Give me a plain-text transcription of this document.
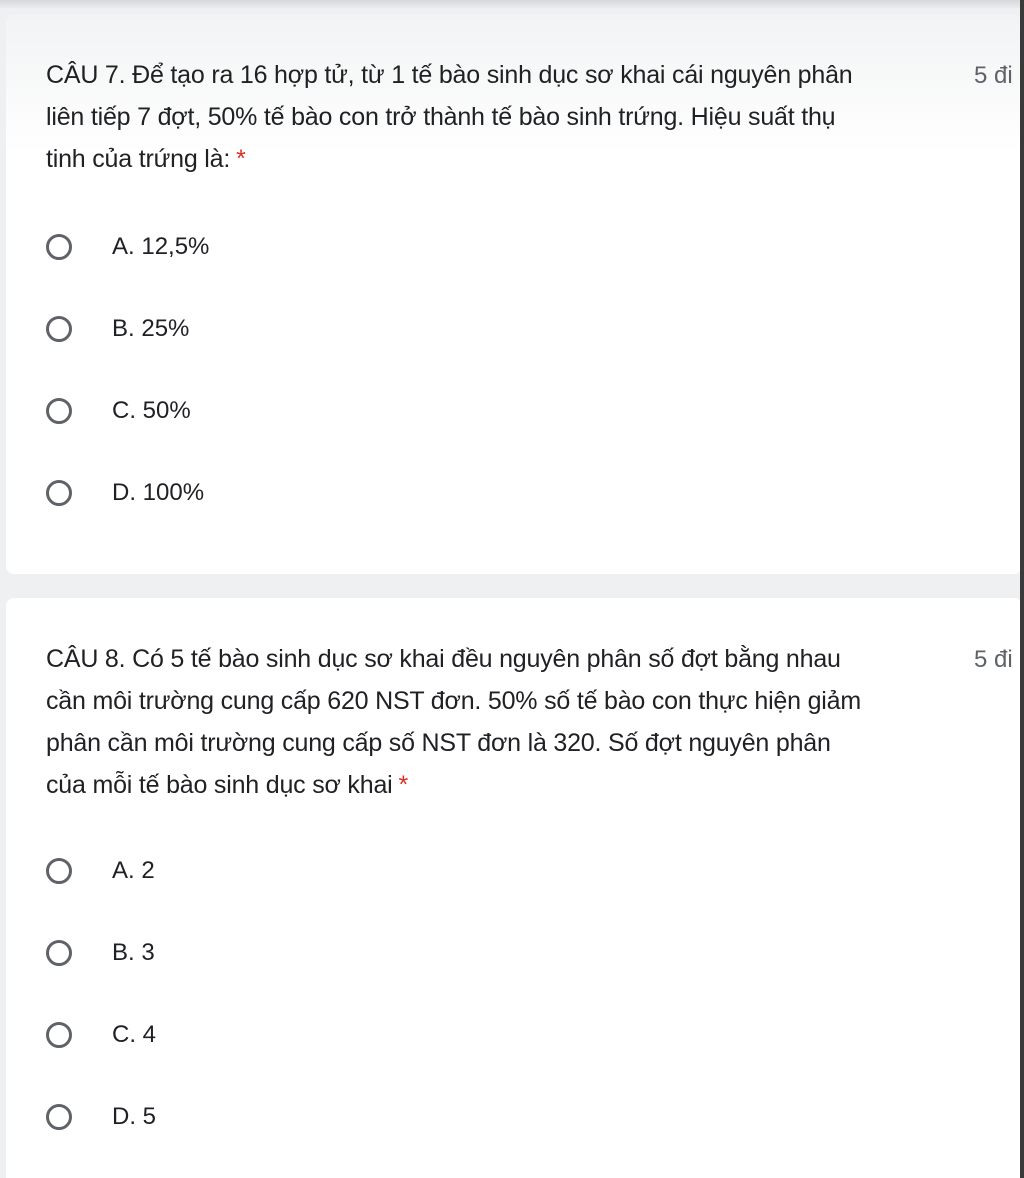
CÂU 7. Để tạo ra 16 hợp tử, từ 1 tế bào sinh dục sơ khai cái nguyên phân
liên tiếp 7 đợt, 50% tế bào con trở thành tế bào sinh trứng. Hiệu suất thụ
tinh của trứng là: *
5 đi
A. 12,5%
B. 25%
C. 50%
D. 100%
CÂU 8. Có 5 tế bào sinh dục sơ khai đều nguyên phân số đợt bằng nhau
cần môi trường cung cấp 620 NST đơn. 50% số tế bào con thực hiện giảm
phân cần môi trường cung cấp số NST đơn là 320. Số đợt nguyên phân
của mỗi tế bào sinh dục sơ khai *
5 đi
A. 2
B. 3
C. 4
D. 5
